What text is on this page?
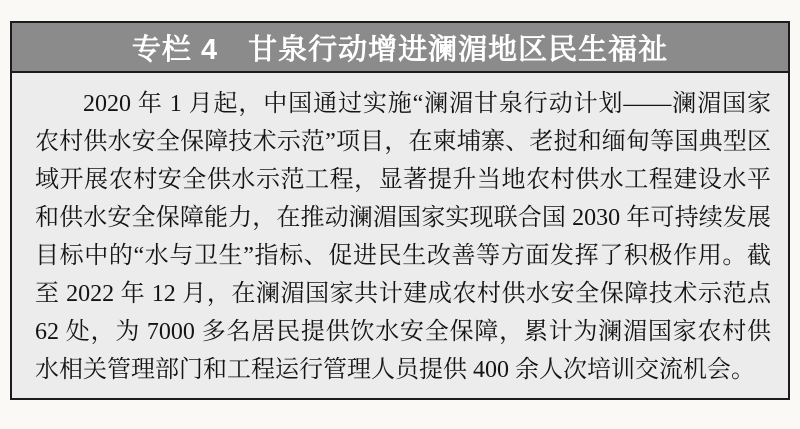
专栏 4 甘泉行动增进澜湄地区民生福祉

2020 年 1 月起，中国通过实施“澜湄甘泉行动计划——澜湄国家农村供水安全保障技术示范”项目，在柬埔寨、老挝和缅甸等国典型区域开展农村安全供水示范工程，显著提升当地农村供水工程建设水平和供水安全保障能力，在推动澜湄国家实现联合国 2030 年可持续发展目标中的“水与卫生”指标、促进民生改善等方面发挥了积极作用。截至 2022 年 12 月，在澜湄国家共计建成农村供水安全保障技术示范点 62 处，为 7000 多名居民提供饮水安全保障，累计为澜湄国家农村供水相关管理部门和工程运行管理人员提供 400 余人次培训交流机会。
